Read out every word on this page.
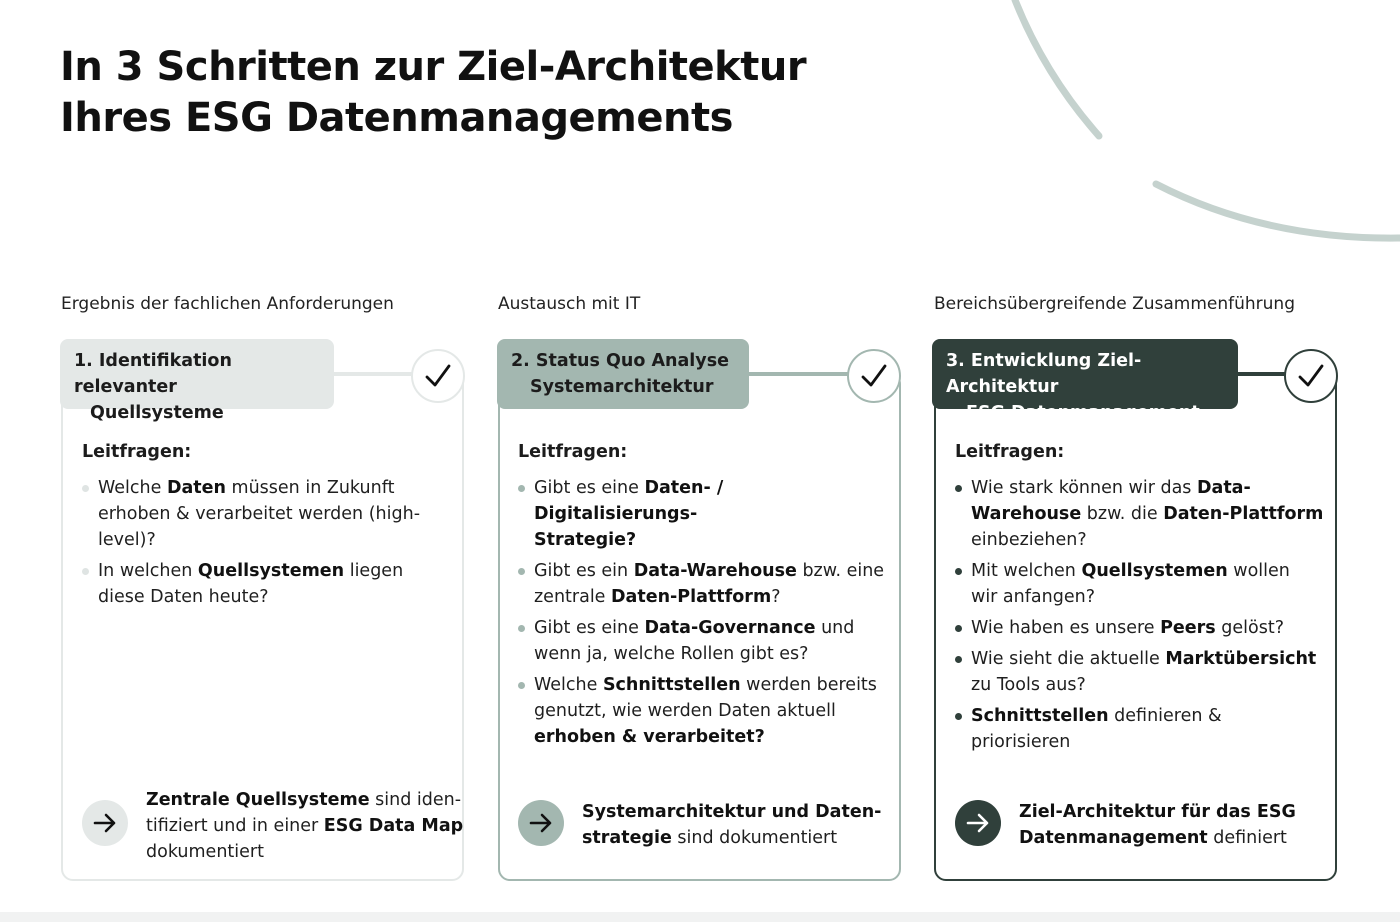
In 3 Schritten zur Ziel-Architektur
Ihres ESG Datenmanagements
Ergebnis der fachlichen Anforderungen	Austausch mit IT	Bereichsübergreifende Zusammenführung
1. Identifikation relevanter
Quellsysteme
2. Status Quo Analyse
Systemarchitektur
3. Entwicklung Ziel-Architektur
ESG Datenmanagement
Leitfragen:	Leitfragen:	Leitfragen:
Welche Daten müssen in Zukunft
erhoben & verarbeitet werden (high-
level)?
In welchen Quellsystemen liegen
diese Daten heute?
Gibt es eine Daten- / Digitalisierungs-
Strategie?
Gibt es ein Data-Warehouse bzw. eine
zentrale Daten-Plattform?
Gibt es eine Data-Governance und
wenn ja, welche Rollen gibt es?
Welche Schnittstellen werden bereits
genutzt, wie werden Daten aktuell
erhoben & verarbeitet?
Wie stark können wir das Data-
Warehouse bzw. die Daten-Plattform
einbeziehen?
Mit welchen Quellsystemen wollen
wir anfangen?
Wie haben es unsere Peers gelöst?
Wie sieht die aktuelle Marktübersicht
zu Tools aus?
Schnittstellen definieren &
priorisieren
Zentrale Quellsysteme sind iden-
tifiziert und in einer ESG Data Map
dokumentiert
Systemarchitektur und Daten-
strategie sind dokumentiert
Ziel-Architektur für das ESG
Datenmanagement definiert
